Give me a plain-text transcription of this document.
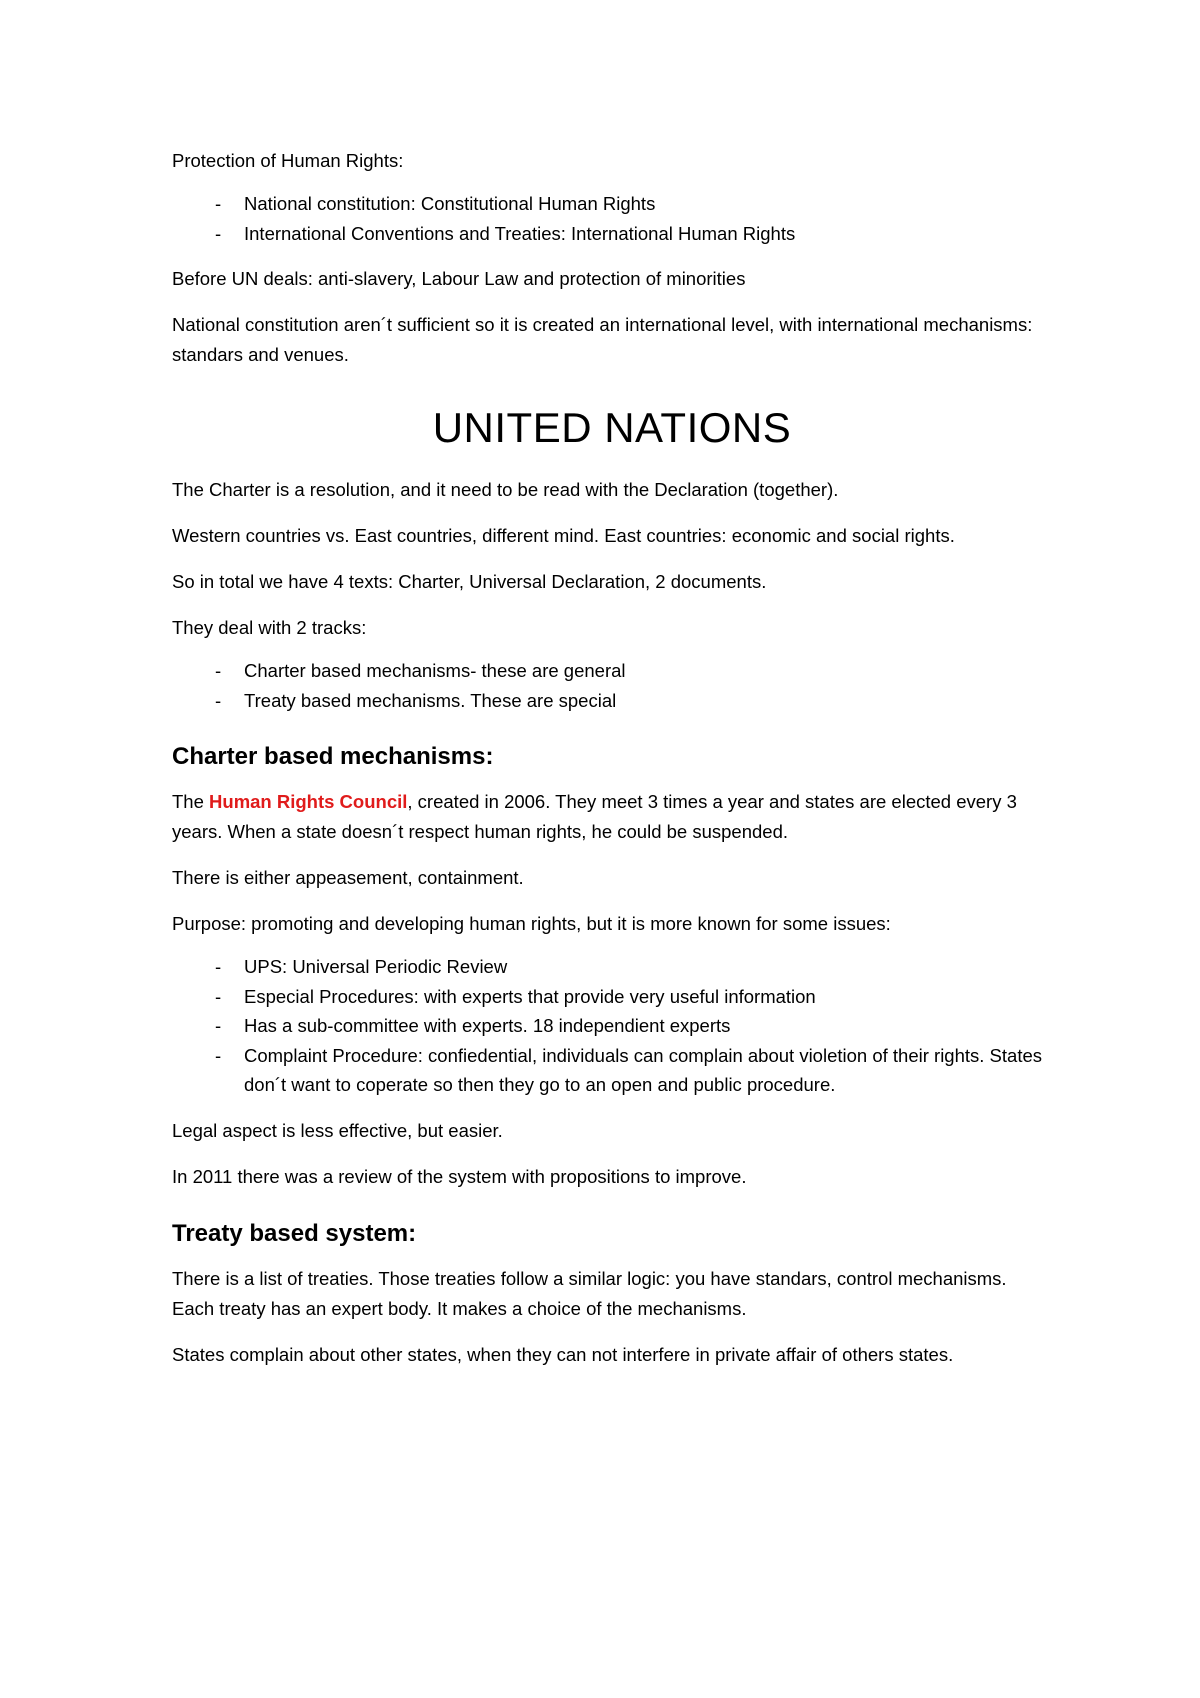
Protection of Human Rights:

- National constitution: Constitutional Human Rights
- International Conventions and Treaties: International Human Rights

Before UN deals: anti-slavery, Labour Law and protection of minorities

National constitution aren´t sufficient so it is created an international level, with international mechanisms: standars and venues.

UNITED NATIONS

The Charter is a resolution, and it need to be read with the Declaration (together).

Western countries vs. East countries, different mind. East countries: economic and social rights.

So in total we have 4 texts: Charter, Universal Declaration, 2 documents.

They deal with 2 tracks:

- Charter based mechanisms- these are general
- Treaty based mechanisms. These are special
Charter based mechanisms:

The Human Rights Council, created in 2006. They meet 3 times a year and states are elected every 3 years. When a state doesn´t respect human rights, he could be suspended.

There is either appeasement, containment.

Purpose: promoting and developing human rights, but it is more known for some issues:

- UPS: Universal Periodic Review
- Especial Procedures: with experts that provide very useful information
- Has a sub-committee with experts. 18 independient experts
- Complaint Procedure: confiedential, individuals can complain about violetion of their rights. States don´t want to coperate so then they go to an open and public procedure.

Legal aspect is less effective, but easier.

In 2011 there was a review of the system with propositions to improve.

Treaty based system:

There is a list of treaties. Those treaties follow a similar logic: you have standars, control mechanisms. Each treaty has an expert body. It makes a choice of the mechanisms.

States complain about other states, when they can not interfere in private affair of others states.
